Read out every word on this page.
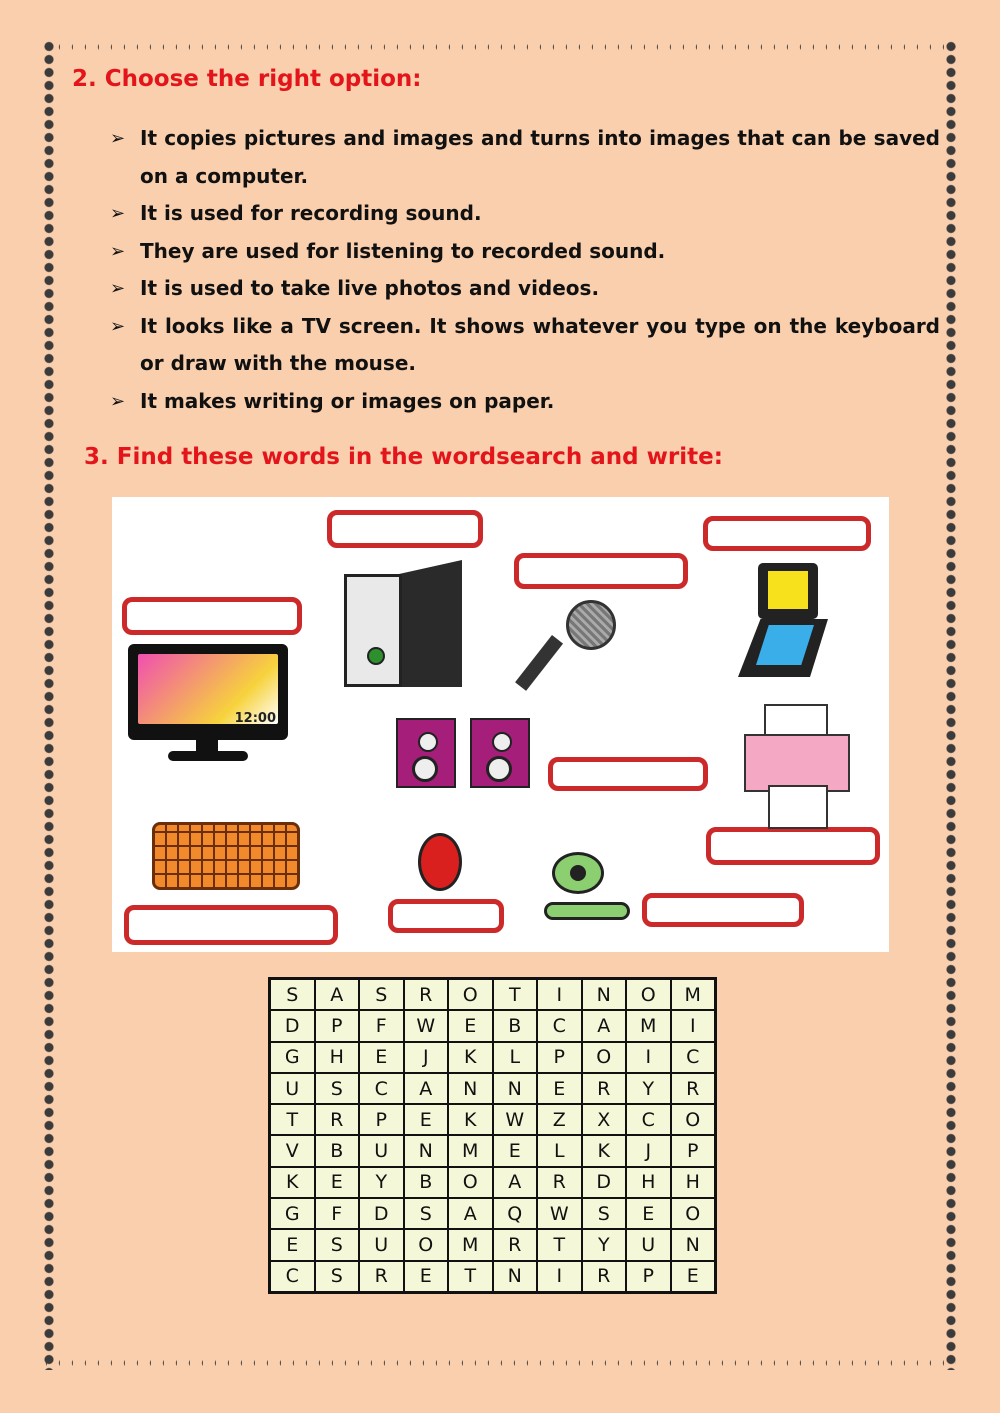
2. Choose the right option:
➢ It copies pictures and images and turns into images that can be saved on a computer.
➢ It is used for recording sound.
➢ They are used for listening to recorded sound.
➢ It is used to take live photos and videos.
➢ It looks like a TV screen. It shows whatever you type on the keyboard or draw with the mouse.
➢ It makes writing or images on paper.
3. Find these words in the wordsearch and write:
12:00
S	A	S	R	O	T	I	N	O	M
D	P	F	W	E	B	C	A	M	I
G	H	E	J	K	L	P	O	I	C
U	S	C	A	N	N	E	R	Y	R
T	R	P	E	K	W	Z	X	C	O
V	B	U	N	M	E	L	K	J	P
K	E	Y	B	O	A	R	D	H	H
G	F	D	S	A	Q	W	S	E	O
E	S	U	O	M	R	T	Y	U	N
C	S	R	E	T	N	I	R	P	E
